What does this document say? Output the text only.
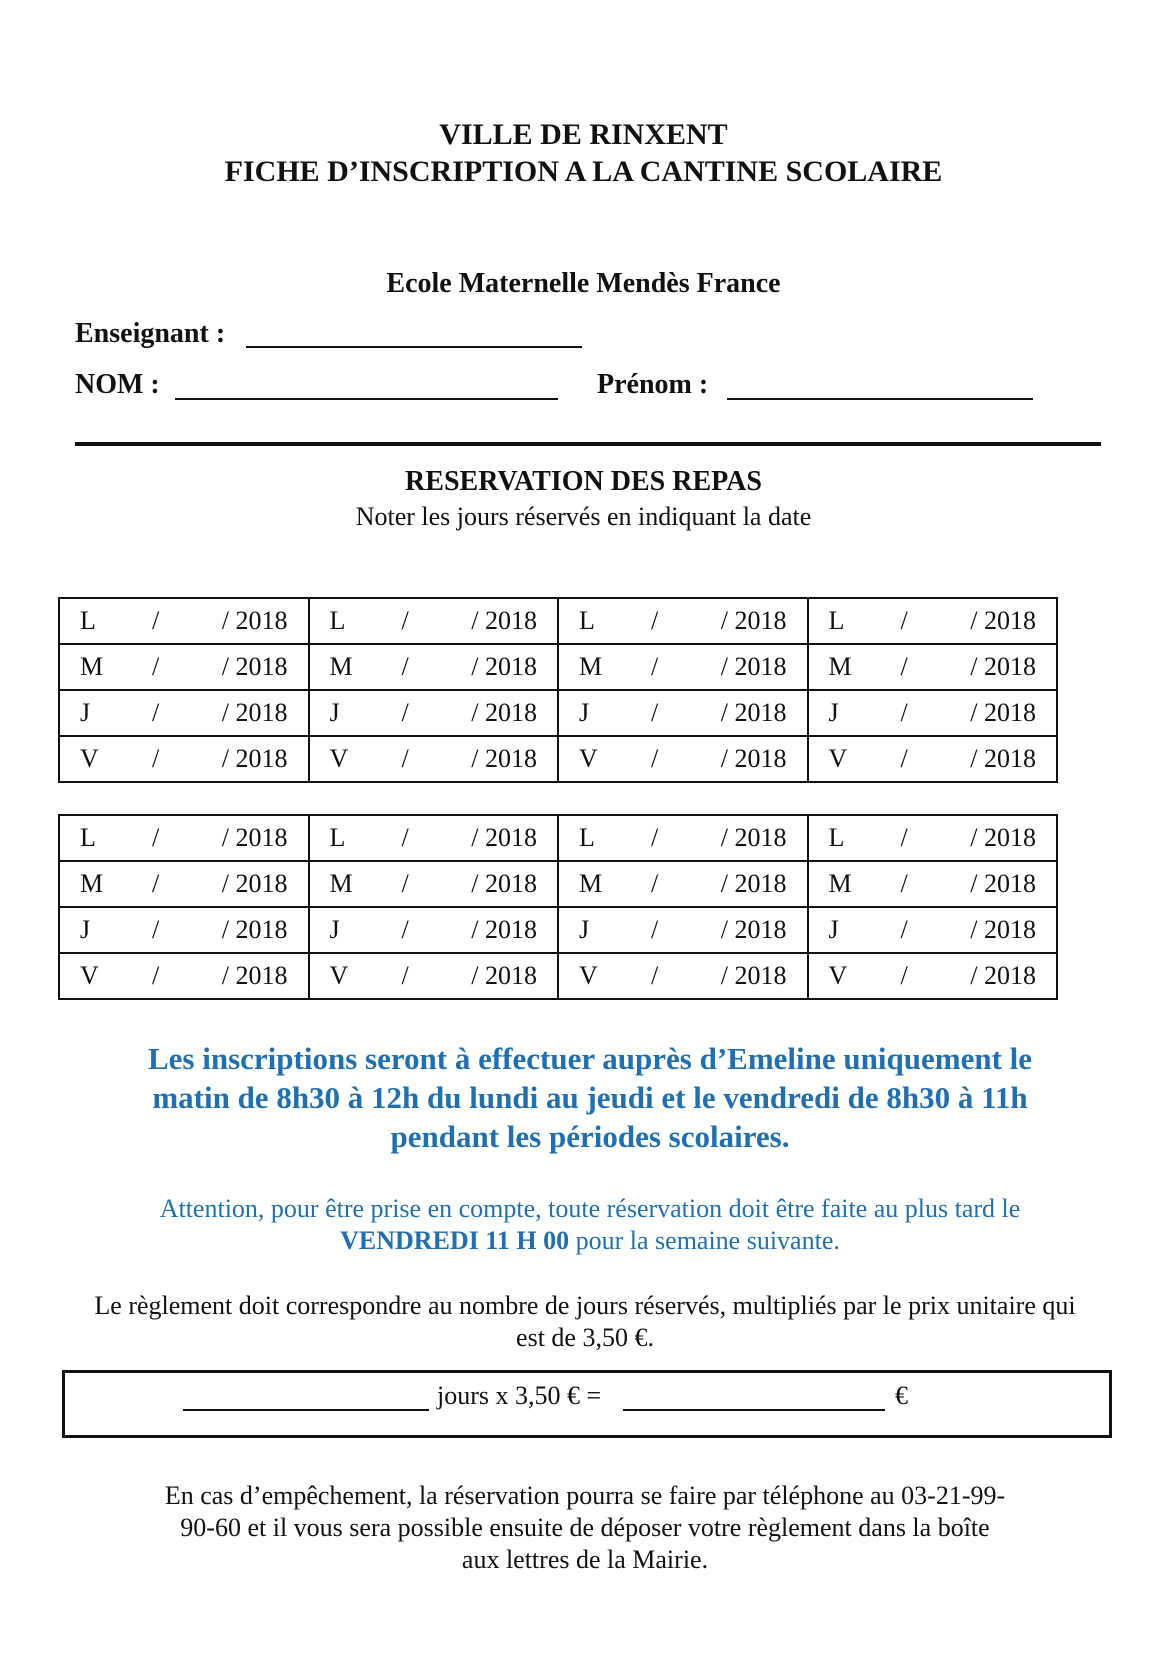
VILLE DE RINXENT
FICHE D’INSCRIPTION A LA CANTINE SCOLAIRE
Ecole Maternelle Mendès France
Enseignant :
NOM :	Prénom :
RESERVATION DES REPAS
Noter les jours réservés en indiquant la date
L / / 2018	L / / 2018	L / / 2018	L / / 2018

M / / 2018	M / / 2018	M / / 2018	M / / 2018

J / / 2018	J / / 2018	J / / 2018	J / / 2018

V / / 2018	V / / 2018	V / / 2018	V / / 2018
L / / 2018	L / / 2018	L / / 2018	L / / 2018

M / / 2018	M / / 2018	M / / 2018	M / / 2018

J / / 2018	J / / 2018	J / / 2018	J / / 2018

V / / 2018	V / / 2018	V / / 2018	V / / 2018
Les inscriptions seront à effectuer auprès d’Emeline uniquement le matin de 8h30 à 12h du lundi au jeudi et le vendredi de 8h30 à 11h pendant les périodes scolaires.
Attention, pour être prise en compte, toute réservation doit être faite au plus tard le VENDREDI 11 H 00 pour la semaine suivante.
Le règlement doit correspondre au nombre de jours réservés, multipliés par le prix unitaire qui est de 3,50 €.
jours x 3,50 € =	€
En cas d’empêchement, la réservation pourra se faire par téléphone au 03-21-99-90-60 et il vous sera possible ensuite de déposer votre règlement dans la boîte aux lettres de la Mairie.
